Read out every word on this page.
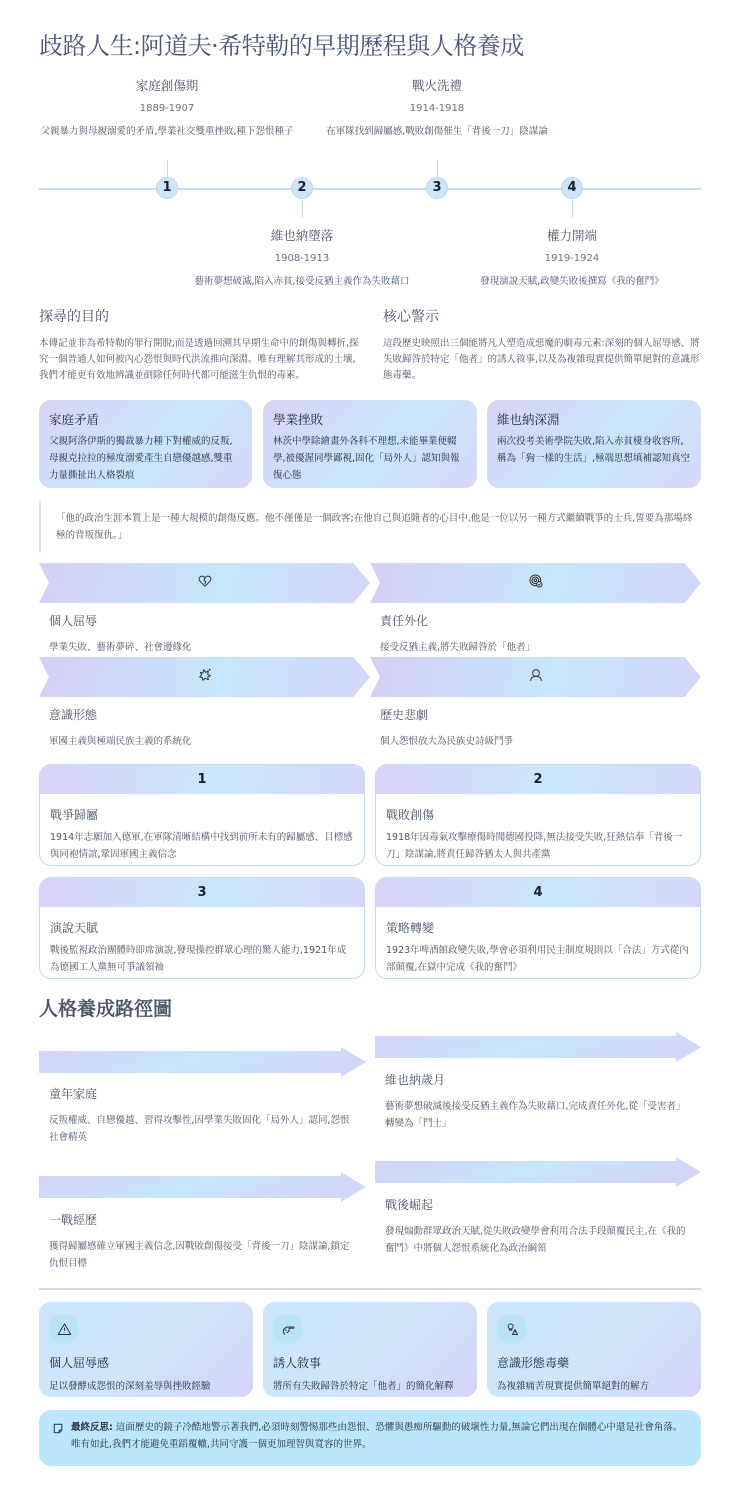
歧路人生:阿道夫·希特勒的早期歷程與人格養成
家庭創傷期
1889-1907
父親暴力與母親溺愛的矛盾,學業社交雙重挫敗,種下怨恨種子
1	2
維也納墮落
1908-1913
藝術夢想破滅,陷入赤貧,接受反猶主義作為失敗藉口
戰火洗禮
1914-1918
在軍隊找到歸屬感,戰敗創傷催生「背後一刀」陰謀論
3	4
權力開端
1919-1924
發現演說天賦,政變失敗後撰寫《我的奮鬥》
探尋的目的
本傳記並非為希特勒的罪行開脫,而是透過回溯其早期生命中的創傷與轉折,探究一個普通人如何被內心怨恨與時代洪流推向深淵。唯有理解其形成的土壤,我們才能更有效地辨識並剷除任何時代都可能滋生仇恨的毒素。
核心警示
這段歷史映照出三個能將凡人塑造成惡魔的劇毒元素:深刻的個人屈辱感、將失敗歸咎於特定「他者」的誘人敘事,以及為複雜現實提供簡單絕對的意識形態毒藥。
家庭矛盾
父親阿洛伊斯的獨裁暴力種下對權威的反叛,母親克拉拉的極度溺愛產生自戀優越感,雙重力量撕扯出人格裂痕
學業挫敗
林茨中學除繪畫外各科不理想,未能畢業便輟學,被優渥同學鄙視,固化「局外人」認知與報復心態
維也納深淵
兩次投考美術學院失敗,陷入赤貧棲身收容所,稱為「狗一樣的生活」,極端思想填補認知真空
「他的政治生涯本質上是一種大規模的創傷反應。他不僅僅是一個政客;在他自己與追隨者的心目中,他是一位以另一種方式繼續戰爭的士兵,誓要為那場終極的背叛復仇。」
個人屈辱
學業失敗、藝術夢碎、社會邊緣化
責任外化
接受反猶主義,將失敗歸咎於「他者」
意識形態
軍國主義與極端民族主義的系統化
歷史悲劇
個人怨恨放大為民族史詩級鬥爭
1
戰爭歸屬
1914年志願加入德軍,在軍隊清晰結構中找到前所未有的歸屬感、目標感與同袍情誼,鞏固軍國主義信念
2
戰敗創傷
1918年因毒氣攻擊療傷時聞德國投降,無法接受失敗,狂熱信奉「背後一刀」陰謀論,將責任歸咎猶太人與共產黨
3
演說天賦
戰後監視政治團體時即席演說,發現操控群眾心理的驚人能力,1921年成為德國工人黨無可爭議領袖
4
策略轉變
1923年啤酒館政變失敗,學會必須利用民主制度規則以「合法」方式從內部顛覆,在獄中完成《我的奮鬥》
人格養成路徑圖
童年家庭
反叛權威、自戀優越、習得攻擊性,因學業失敗固化「局外人」認同,怨恨社會精英
維也納歲月
藝術夢想破滅後接受反猶主義作為失敗藉口,完成責任外化,從「受害者」轉變為「鬥士」
一戰經歷
獲得歸屬感確立軍國主義信念,因戰敗創傷接受「背後一刀」陰謀論,鎖定仇恨目標
戰後崛起
發現煽動群眾政治天賦,從失敗政變學會利用合法手段顛覆民主,在《我的奮鬥》中將個人怨恨系統化為政治綱領
個人屈辱感
足以發酵成怨恨的深刻羞辱與挫敗經驗
誘人敘事
將所有失敗歸咎於特定「他者」的簡化解釋
意識形態毒藥
為複雜痛苦現實提供簡單絕對的解方
最終反思: 這面歷史的鏡子冷酷地警示著我們,必須時刻警惕那些由怨恨、恐懼與愚痴所驅動的破壞性力量,無論它們出現在個體心中還是社會角落。唯有如此,我們才能避免重蹈覆轍,共同守護一個更加理智與寬容的世界。
